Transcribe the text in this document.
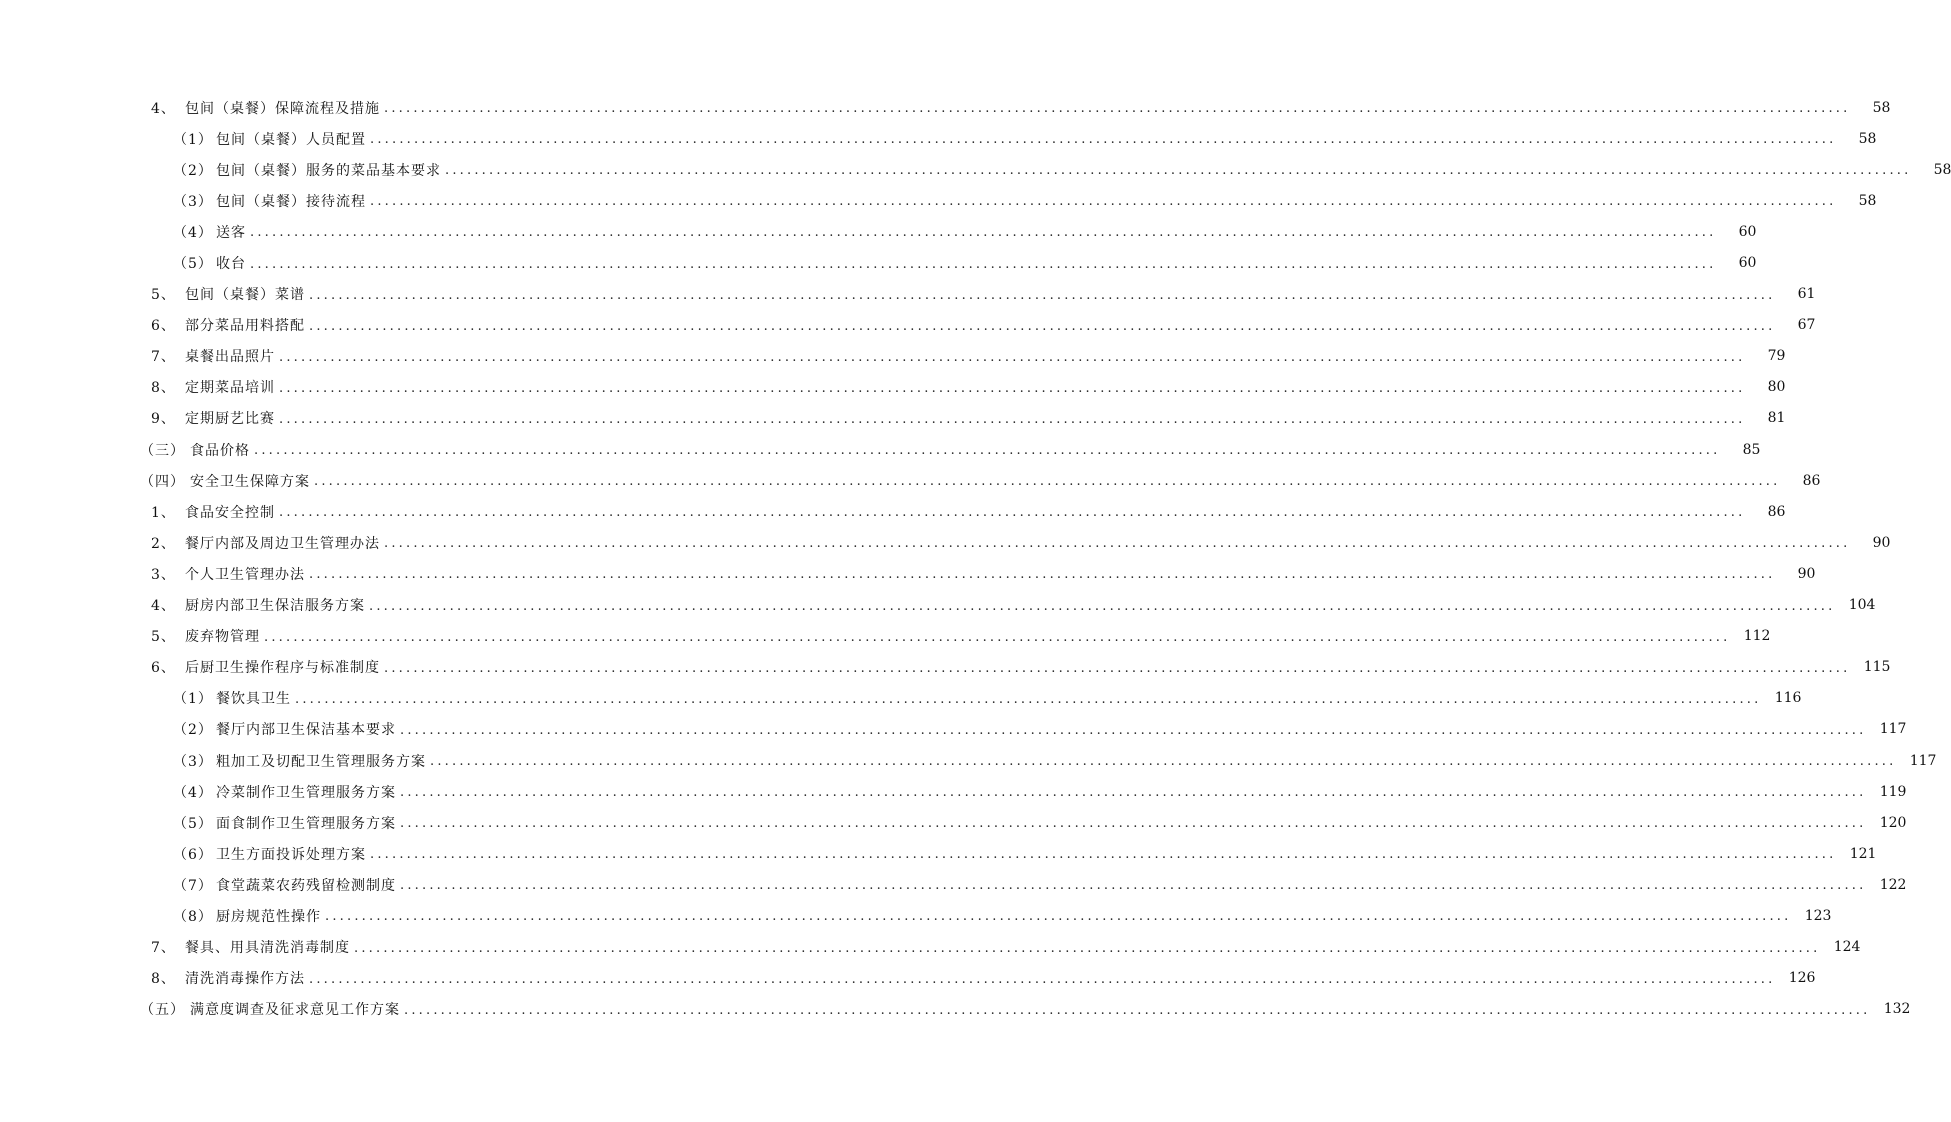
4、 包间（桌餐）保障流程及措施 ........................................................................................................................................................................................................	58
（1） 包间（桌餐）人员配置 ........................................................................................................................................................................................................	58
（2） 包间（桌餐）服务的菜品基本要求 ........................................................................................................................................................................................................	58
（3） 包间（桌餐）接待流程 ........................................................................................................................................................................................................	58
（4） 送客 ........................................................................................................................................................................................................	60
（5） 收台 ........................................................................................................................................................................................................	60
5、 包间（桌餐）菜谱 ........................................................................................................................................................................................................	61
6、 部分菜品用料搭配 ........................................................................................................................................................................................................	67
7、 桌餐出品照片 ........................................................................................................................................................................................................	79
8、 定期菜品培训 ........................................................................................................................................................................................................	80
9、 定期厨艺比赛 ........................................................................................................................................................................................................	81
（三） 食品价格 ........................................................................................................................................................................................................	85
（四） 安全卫生保障方案 ........................................................................................................................................................................................................	86
1、 食品安全控制 ........................................................................................................................................................................................................	86
2、 餐厅内部及周边卫生管理办法 ........................................................................................................................................................................................................	90
3、 个人卫生管理办法 ........................................................................................................................................................................................................	90
4、 厨房内部卫生保洁服务方案 ........................................................................................................................................................................................................ 104
5、 废弃物管理 ........................................................................................................................................................................................................ 112
6、 后厨卫生操作程序与标准制度 ........................................................................................................................................................................................................ 115
（1） 餐饮具卫生 ........................................................................................................................................................................................................ 116
（2） 餐厅内部卫生保洁基本要求 ........................................................................................................................................................................................................ 117
（3） 粗加工及切配卫生管理服务方案 ........................................................................................................................................................................................................ 117
（4） 冷菜制作卫生管理服务方案 ........................................................................................................................................................................................................ 119
（5） 面食制作卫生管理服务方案 ........................................................................................................................................................................................................ 120
（6） 卫生方面投诉处理方案 ........................................................................................................................................................................................................ 121
（7） 食堂蔬菜农药残留检测制度 ........................................................................................................................................................................................................ 122
（8） 厨房规范性操作 ........................................................................................................................................................................................................ 123
7、 餐具、用具清洗消毒制度 ........................................................................................................................................................................................................ 124
8、 清洗消毒操作方法 ........................................................................................................................................................................................................ 126
（五） 满意度调查及征求意见工作方案 ........................................................................................................................................................................................................ 132
